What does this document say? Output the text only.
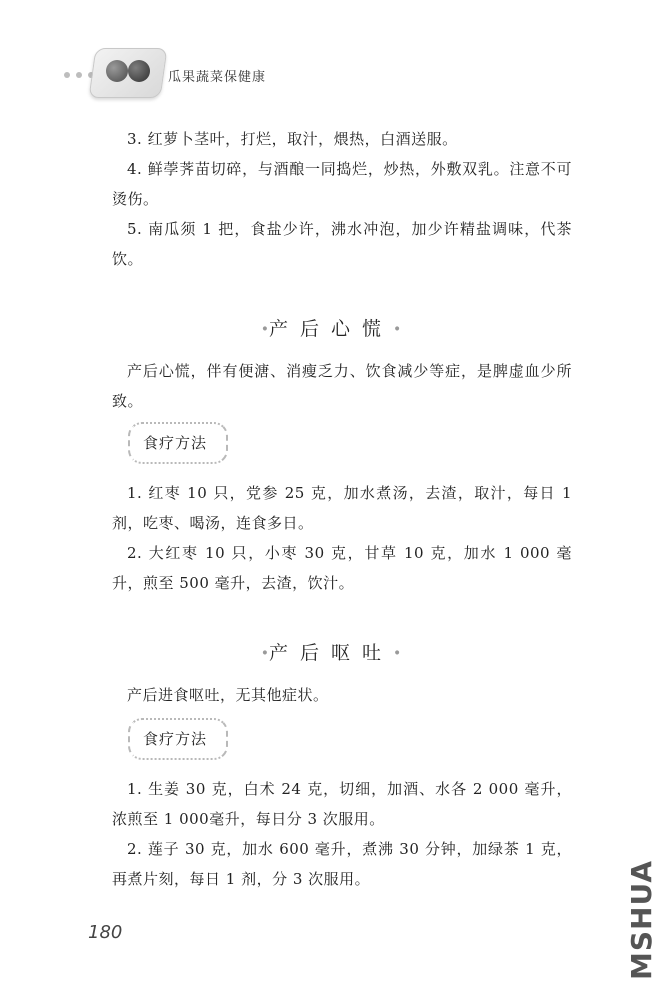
瓜果蔬菜保健康
3. 红萝卜茎叶，打烂，取汁，煨热，白酒送服。
4. 鲜荸荠苗切碎，与酒酿一同捣烂，炒热，外敷双乳。注意不可烫伤。
5. 南瓜须 1 把，食盐少许，沸水冲泡，加少许精盐调味，代茶饮。
•产后心慌•
产后心慌，伴有便溏、消瘦乏力、饮食减少等症，是脾虚血少所致。
食疗方法
1. 红枣 10 只，党参 25 克，加水煮汤，去渣，取汁，每日 1 剂，吃枣、喝汤，连食多日。
2. 大红枣 10 只，小枣 30 克，甘草 10 克，加水 1 000 毫升，煎至 500 毫升，去渣，饮汁。
•产后呕吐•
产后进食呕吐，无其他症状。
食疗方法
1. 生姜 30 克，白术 24 克，切细，加酒、水各 2 000 毫升，浓煎至 1 000毫升，每日分 3 次服用。
2. 莲子 30 克，加水 600 毫升，煮沸 30 分钟，加绿茶 1 克，再煮片刻，每日 1 剂，分 3 次服用。
180	MSHUA
